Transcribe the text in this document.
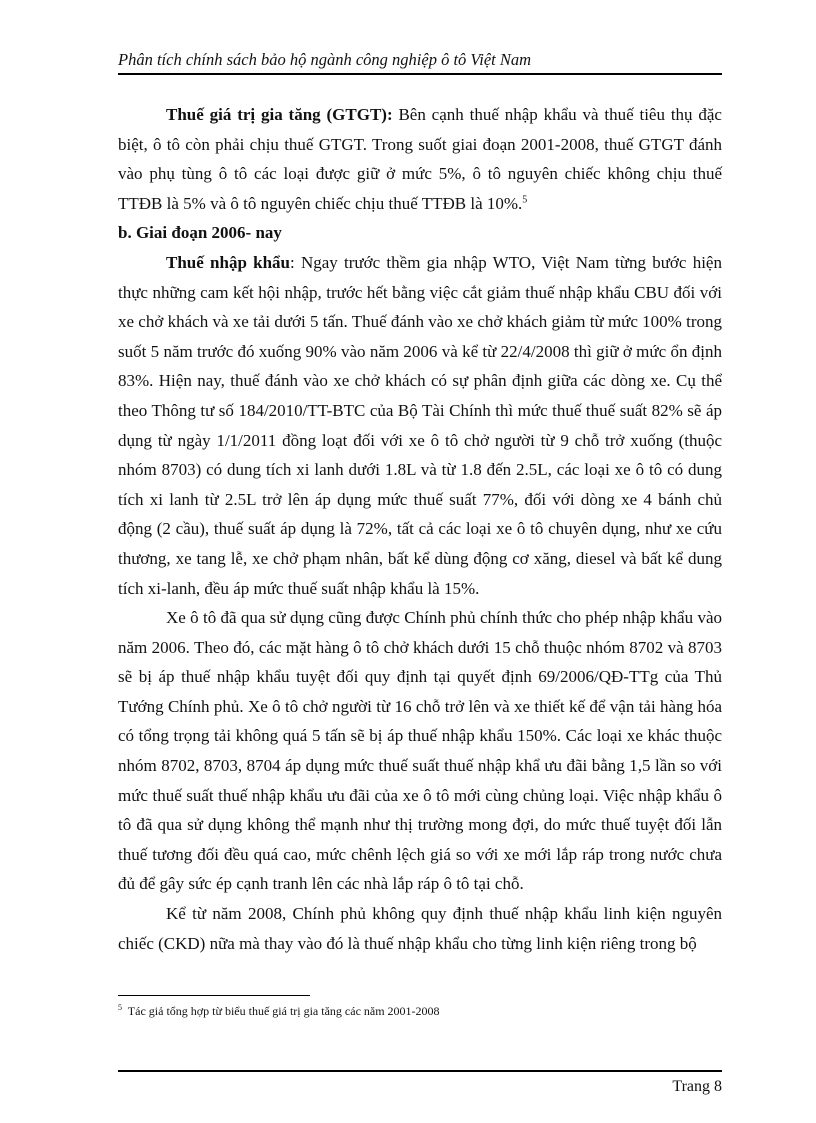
Phân tích chính sách bảo hộ ngành công nghiệp ô tô Việt Nam

Thuế giá trị gia tăng (GTGT): Bên cạnh thuế nhập khẩu và thuế tiêu thụ đặc biệt, ô tô còn phải chịu thuế GTGT. Trong suốt giai đoạn 2001-2008, thuế GTGT đánh vào phụ tùng ô tô các loại được giữ ở mức 5%, ô tô nguyên chiếc không chịu thuế TTĐB là 5% và ô tô nguyên chiếc chịu thuế TTĐB là 10%.$^5$

b. Giai đoạn 2006- nay

Thuế nhập khẩu: Ngay trước thềm gia nhập WTO, Việt Nam từng bước hiện thực những cam kết hội nhập, trước hết bằng việc cắt giảm thuế nhập khẩu CBU đối với xe chở khách và xe tải dưới 5 tấn. Thuế đánh vào xe chở khách giảm từ mức 100% trong suốt 5 năm trước đó xuống 90% vào năm 2006 và kể từ 22/4/2008 thì giữ ở mức ổn định 83%. Hiện nay, thuế đánh vào xe chở khách có sự phân định giữa các dòng xe. Cụ thể theo Thông tư số 184/2010/TT-BTC của Bộ Tài Chính thì mức thuế thuế suất 82% sẽ áp dụng từ ngày 1/1/2011 đồng loạt đối với xe ô tô chở người từ 9 chỗ trở xuống (thuộc nhóm 8703) có dung tích xi lanh dưới 1.8L và từ 1.8 đến 2.5L, các loại xe ô tô có dung tích xi lanh từ 2.5L trở lên áp dụng mức thuế suất 77%, đối với dòng xe 4 bánh chủ động (2 cầu), thuế suất áp dụng là 72%, tất cả các loại xe ô tô chuyên dụng, như xe cứu thương, xe tang lễ, xe chở phạm nhân, bất kể dùng động cơ xăng, diesel và bất kể dung tích xi-lanh, đều áp mức thuế suất nhập khẩu là 15%.

Xe ô tô đã qua sử dụng cũng được Chính phủ chính thức cho phép nhập khẩu vào năm 2006. Theo đó, các mặt hàng ô tô chở khách dưới 15 chỗ thuộc nhóm 8702 và 8703 sẽ bị áp thuế nhập khẩu tuyệt đối quy định tại quyết định 69/2006/QĐ-TTg của Thủ Tướng Chính phủ. Xe ô tô chở người từ 16 chỗ trở lên và xe thiết kế để vận tải hàng hóa có tổng trọng tải không quá 5 tấn sẽ bị áp thuế nhập khẩu 150%. Các loại xe khác thuộc nhóm 8702, 8703, 8704 áp dụng mức thuế suất thuế nhập khẩ ưu đãi bằng 1,5 lần so với mức thuế suất thuế nhập khẩu ưu đãi của xe ô tô mới cùng chủng loại. Việc nhập khẩu ô tô đã qua sử dụng không thể mạnh như thị trường mong đợi, do mức thuế tuyệt đối lẫn thuế tương đối đều quá cao, mức chênh lệch giá so với xe mới lắp ráp trong nước chưa đủ để gây sức ép cạnh tranh lên các nhà lắp ráp ô tô tại chỗ.

Kể từ năm 2008, Chính phủ không quy định thuế nhập khẩu linh kiện nguyên chiếc (CKD) nữa mà thay vào đó là thuế nhập khẩu cho từng linh kiện riêng trong bộ

$^5$ Tác giả tổng hợp từ biểu thuế giá trị gia tăng các năm 2001-2008
Trang 8
